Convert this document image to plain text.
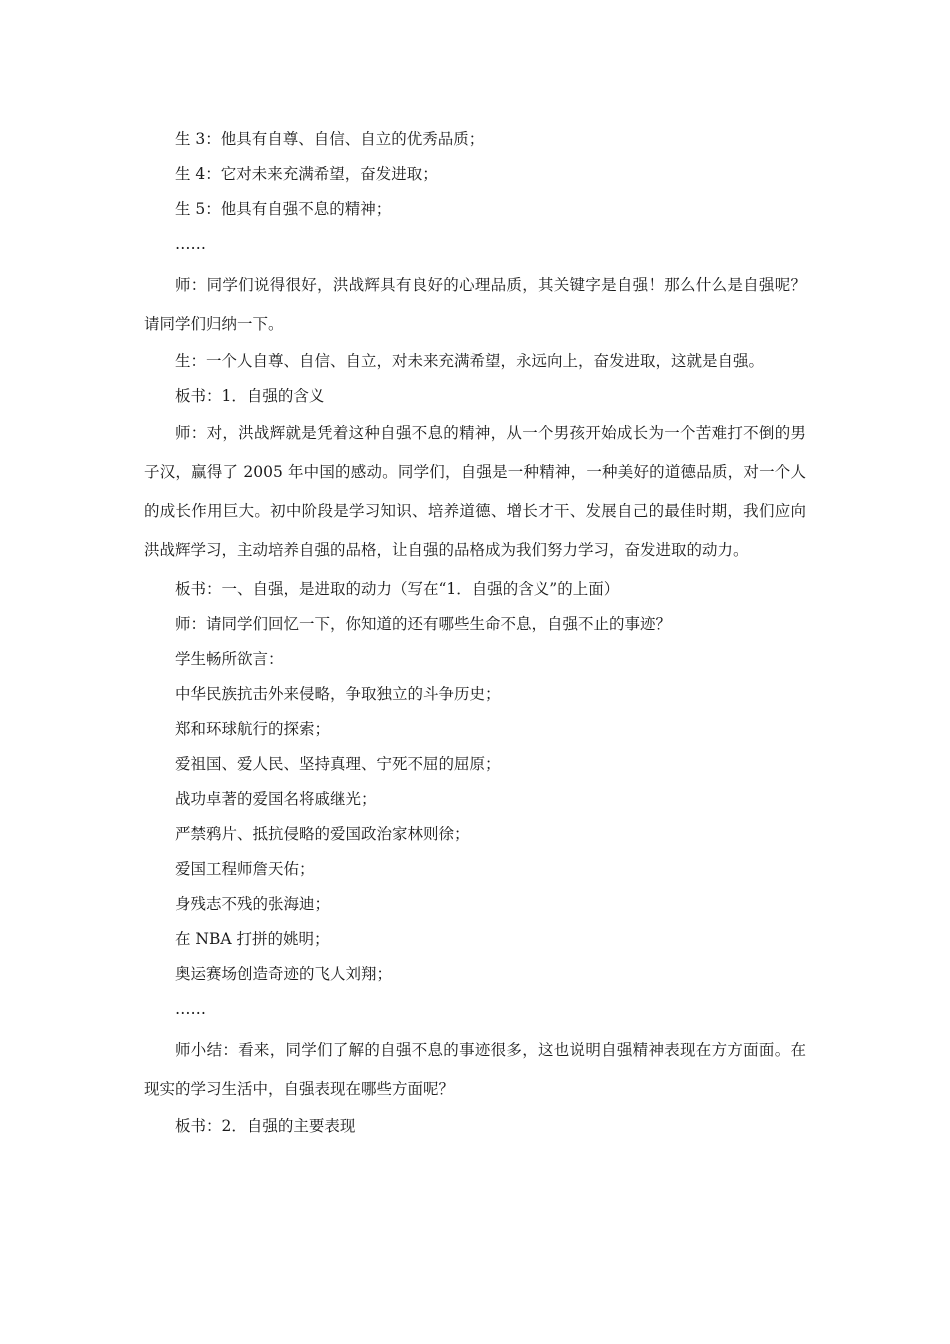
生 3：他具有自尊、自信、自立的优秀品质；

生 4：它对未来充满希望，奋发进取；

生 5：他具有自强不息的精神；

……

师：同学们说得很好，洪战辉具有良好的心理品质，其关键字是自强！那么什么是自强呢？请同学们归纳一下。

生：一个人自尊、自信、自立，对未来充满希望，永远向上，奋发进取，这就是自强。

板书：1．自强的含义

师：对，洪战辉就是凭着这种自强不息的精神，从一个男孩开始成长为一个苦难打不倒的男子汉，赢得了 2005 年中国的感动。同学们，自强是一种精神，一种美好的道德品质，对一个人的成长作用巨大。初中阶段是学习知识、培养道德、增长才干、发展自己的最佳时期，我们应向洪战辉学习，主动培养自强的品格，让自强的品格成为我们努力学习，奋发进取的动力。

板书：一、自强，是进取的动力（写在“1．自强的含义”的上面）

师：请同学们回忆一下，你知道的还有哪些生命不息，自强不止的事迹？

学生畅所欲言：

中华民族抗击外来侵略，争取独立的斗争历史；

郑和环球航行的探索；

爱祖国、爱人民、坚持真理、宁死不屈的屈原；

战功卓著的爱国名将戚继光；

严禁鸦片、抵抗侵略的爱国政治家林则徐；

爱国工程师詹天佑；

身残志不残的张海迪；

在 NBA 打拼的姚明；

奥运赛场创造奇迹的飞人刘翔；

……

师小结：看来，同学们了解的自强不息的事迹很多，这也说明自强精神表现在方方面面。在现实的学习生活中，自强表现在哪些方面呢？

板书：2．自强的主要表现
